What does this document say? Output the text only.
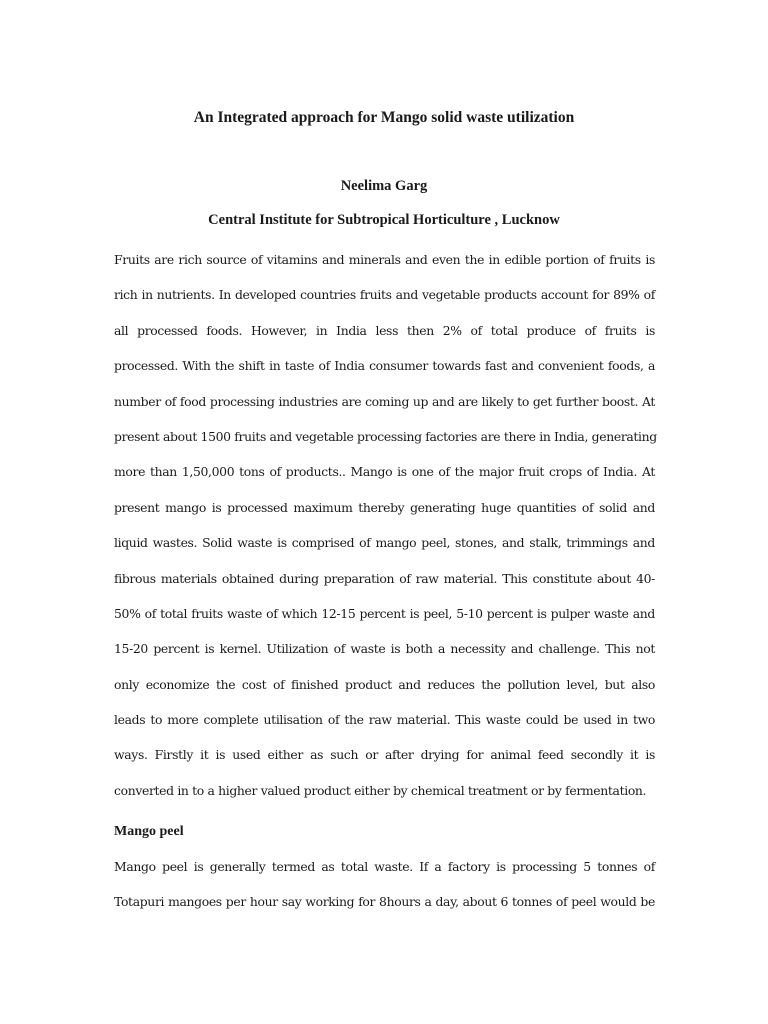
An Integrated approach for Mango solid waste utilization
Neelima Garg
Central Institute for Subtropical Horticulture , Lucknow
Fruits are rich source of vitamins and minerals and even the in edible portion of fruits is
rich in nutrients. In developed countries fruits and vegetable products account for 89% of
all processed foods. However, in India less then 2% of total produce of fruits is
processed. With the shift in taste of India consumer towards fast and convenient foods, a
number of food processing industries are coming up and are likely to get further boost. At
present about 1500 fruits and vegetable processing factories are there in India, generating
more than 1,50,000 tons of products.. Mango is one of the major fruit crops of India. At
present mango is processed maximum thereby generating huge quantities of solid and
liquid wastes. Solid waste is comprised of mango peel, stones, and stalk, trimmings and
fibrous materials obtained during preparation of raw material. This constitute about 40-
50% of total fruits waste of which 12-15 percent is peel, 5-10 percent is pulper waste and
15-20 percent is kernel. Utilization of waste is both a necessity and challenge. This not
only economize the cost of finished product and reduces the pollution level, but also
leads to more complete utilisation of the raw material. This waste could be used in two
ways. Firstly it is used either as such or after drying for animal feed secondly it is
converted in to a higher valued product either by chemical treatment or by fermentation.
Mango peel
Mango peel is generally termed as total waste. If a factory is processing 5 tonnes of
Totapuri mangoes per hour say working for 8hours a day, about 6 tonnes of peel would be
